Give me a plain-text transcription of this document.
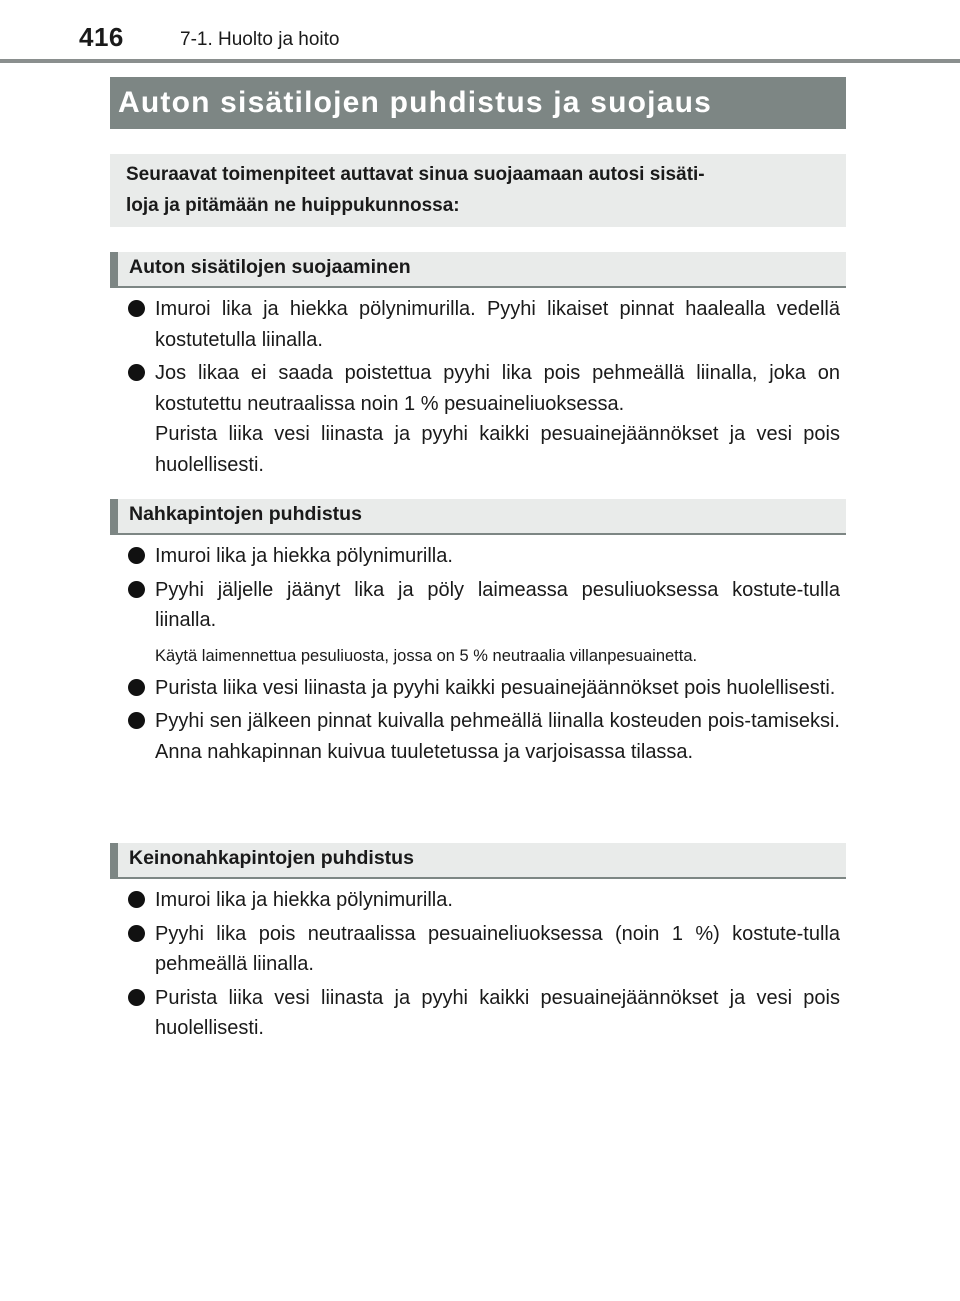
416	7-1. Huolto ja hoito
Auton sisätilojen puhdistus ja suojaus
Seuraavat toimenpiteet auttavat sinua suojaamaan autosi sisäti-
loja ja pitämään ne huippukunnossa:
Auton sisätilojen suojaaminen
Imuroi lika ja hiekka pölynimurilla. Pyyhi likaiset pinnat haalealla vedellä kostutetulla liinalla.
Jos likaa ei saada poistettua pyyhi lika pois pehmeällä liinalla, joka on kostutettu neutraalissa noin 1 % pesuaineliuoksessa.
Purista liika vesi liinasta ja pyyhi kaikki pesuainejäännökset ja vesi pois huolellisesti.
Nahkapintojen puhdistus
Imuroi lika ja hiekka pölynimurilla.
Pyyhi jäljelle jäänyt lika ja pöly laimeassa pesuliuoksessa kostute-tulla liinalla.
Käytä laimennettua pesuliuosta, jossa on 5 % neutraalia villanpesuainetta.
Purista liika vesi liinasta ja pyyhi kaikki pesuainejäännökset pois huolellisesti.
Pyyhi sen jälkeen pinnat kuivalla pehmeällä liinalla kosteuden pois-tamiseksi. Anna nahkapinnan kuivua tuuletetussa ja varjoisassa tilassa.
Keinonahkapintojen puhdistus
Imuroi lika ja hiekka pölynimurilla.
Pyyhi lika pois neutraalissa pesuaineliuoksessa (noin 1 %) kostute-tulla pehmeällä liinalla.
Purista liika vesi liinasta ja pyyhi kaikki pesuainejäännökset ja vesi pois huolellisesti.
